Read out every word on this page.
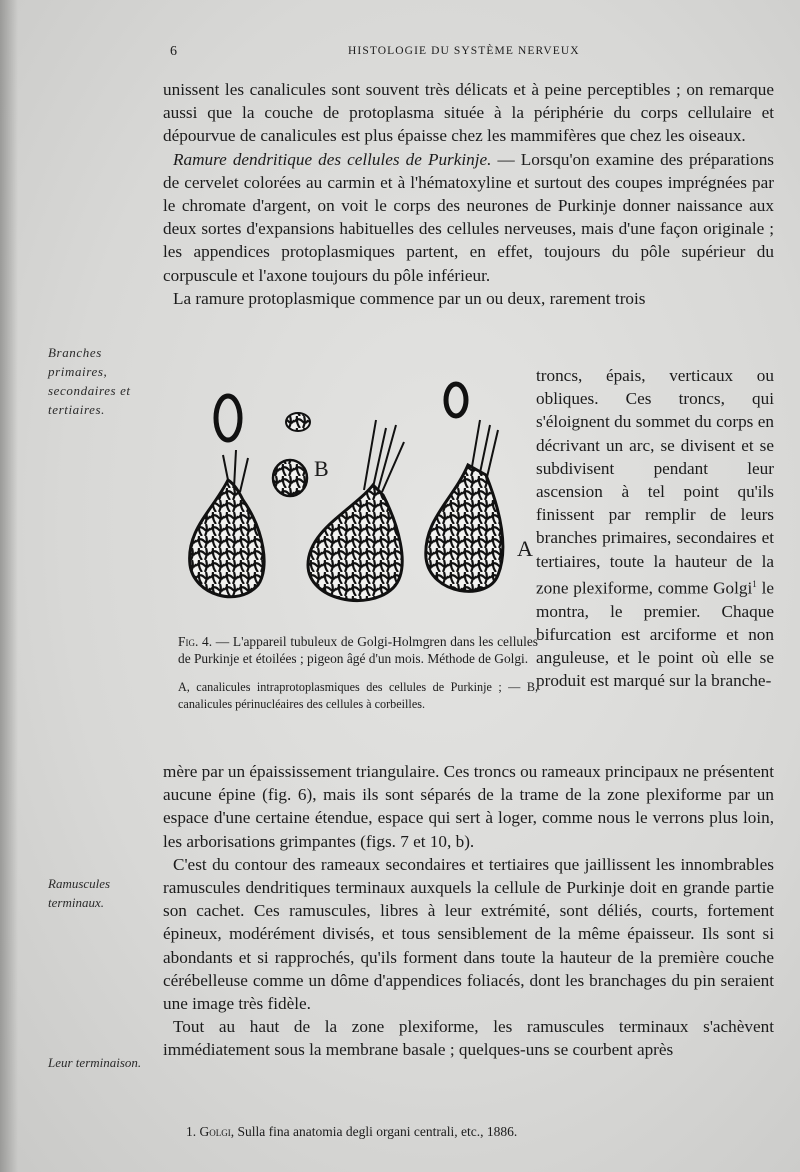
6	HISTOLOGIE DU SYSTÈME NERVEUX

unissent les canalicules sont souvent très délicats et à peine perceptibles ; on remarque aussi que la couche de protoplasma située à la périphérie du corps cellulaire et dépourvue de canalicules est plus épaisse chez les mammifères que chez les oiseaux.

Ramure dendritique des cellules de Purkinje. — Lorsqu'on examine des préparations de cervelet colorées au carmin et à l'hématoxyline et surtout des coupes imprégnées par le chromate d'argent, on voit le corps des neurones de Purkinje donner naissance aux deux sortes d'expansions habituelles des cellules nerveuses, mais d'une façon originale ; les appendices protoplasmiques partent, en effet, toujours du pôle supérieur du corpuscule et l'axone toujours du pôle inférieur.

La ramure protoplasmique commence par un ou deux, rarement trois

troncs, épais, verticaux ou obliques. Ces troncs, qui s'éloignent du sommet du corps en décrivant un arc, se divisent et se subdivisent pendant leur ascension à tel point qu'ils finissent par remplir de leurs branches primaires, secondaires et tertiaires, toute la hauteur de la zone plexiforme, comme Golgi$^1$ le montra, le premier. Chaque bifurcation est arciforme et non anguleuse, et le point où elle se produit est marqué sur la branche-
B
A

Fig. 4. — L'appareil tubuleux de Golgi-Holmgren dans les cellules de Purkinje et étoilées ; pigeon âgé d'un mois. Méthode de Golgi.

A, canalicules intraprotoplasmiques des cellules de Purkinje ; — B, canalicules périnucléaires des cellules à corbeilles.

mère par un épaississement triangulaire. Ces troncs ou rameaux principaux ne présentent aucune épine (fig. 6), mais ils sont séparés de la trame de la zone plexiforme par un espace d'une certaine étendue, espace qui sert à loger, comme nous le verrons plus loin, les arborisations grimpantes (figs. 7 et 10, b).

C'est du contour des rameaux secondaires et tertiaires que jaillissent les innombrables ramuscules dendritiques terminaux auxquels la cellule de Purkinje doit en grande partie son cachet. Ces ramuscules, libres à leur extrémité, sont déliés, courts, fortement épineux, modérément divisés, et tous sensiblement de la même épaisseur. Ils sont si abondants et si rapprochés, qu'ils forment dans toute la hauteur de la première couche cérébelleuse comme un dôme d'appendices foliacés, dont les branchages du pin seraient une image très fidèle.

Tout au haut de la zone plexiforme, les ramuscules terminaux s'achèvent immédiatement sous la membrane basale ; quelques-uns se courbent après

Branches primaires, secondaires et tertiaires.
Ramuscules terminaux.
Leur terminaison.
1. Golgi, Sulla fina anatomia degli organi centrali, etc., 1886.
